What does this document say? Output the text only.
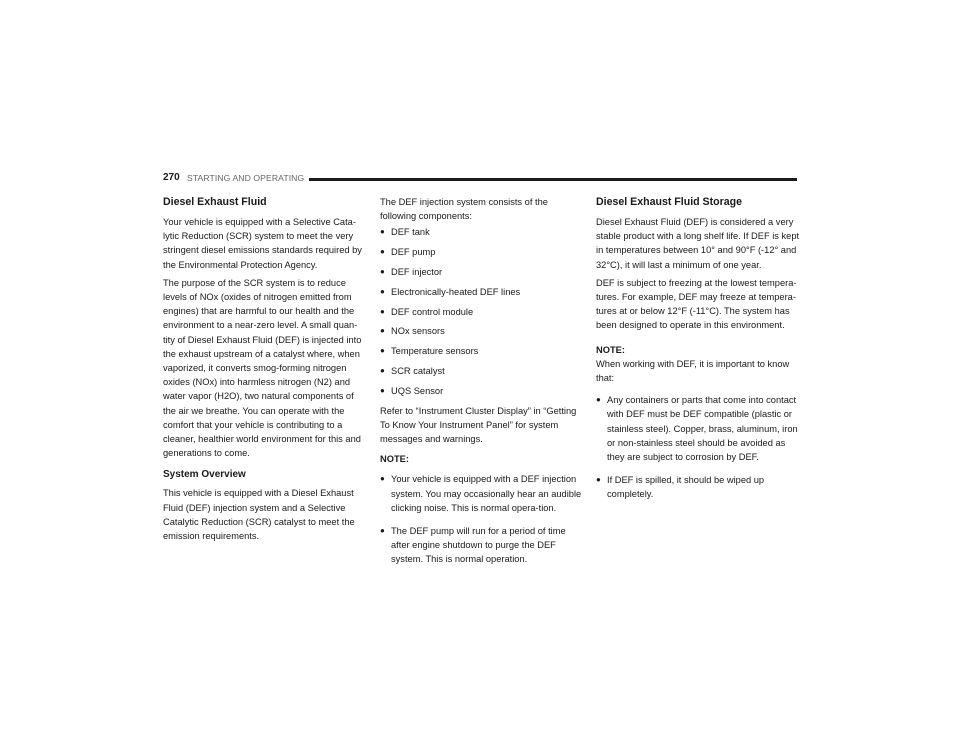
270 STARTING AND OPERATING
Diesel Exhaust Fluid

Your vehicle is equipped with a Selective Cata-lytic Reduction (SCR) system to meet the very stringent diesel emissions standards required by the Environmental Protection Agency.

The purpose of the SCR system is to reduce levels of NOx (oxides of nitrogen emitted from engines) that are harmful to our health and the environment to a near-zero level. A small quan-tity of Diesel Exhaust Fluid (DEF) is injected into the exhaust upstream of a catalyst where, when vaporized, it converts smog-forming nitrogen oxides (NOx) into harmless nitrogen (N2) and water vapor (H2O), two natural components of the air we breathe. You can operate with the comfort that your vehicle is contributing to a cleaner, healthier world environment for this and generations to come.

System Overview

This vehicle is equipped with a Diesel Exhaust Fluid (DEF) injection system and a Selective Catalytic Reduction (SCR) catalyst to meet the emission requirements.

The DEF injection system consists of the following components:

● DEF tank
● DEF pump
● DEF injector
● Electronically-heated DEF lines
● DEF control module
● NOx sensors
● Temperature sensors
● SCR catalyst
● UQS Sensor

Refer to “Instrument Cluster Display” in “Getting To Know Your Instrument Panel” for system messages and warnings.

NOTE:

● Your vehicle is equipped with a DEF injection system. You may occasionally hear an audible clicking noise. This is normal opera-tion.
● The DEF pump will run for a period of time after engine shutdown to purge the DEF system. This is normal operation.
Diesel Exhaust Fluid Storage

Diesel Exhaust Fluid (DEF) is considered a very stable product with a long shelf life. If DEF is kept in temperatures between 10° and 90°F (-12° and 32°C), it will last a minimum of one year.

DEF is subject to freezing at the lowest tempera-tures. For example, DEF may freeze at tempera-tures at or below 12°F (-11°C). The system has been designed to operate in this environment.

NOTE:

When working with DEF, it is important to know that:

● Any containers or parts that come into contact with DEF must be DEF compatible (plastic or stainless steel). Copper, brass, aluminum, iron or non-stainless steel should be avoided as they are subject to corrosion by DEF.
● If DEF is spilled, it should be wiped up completely.
